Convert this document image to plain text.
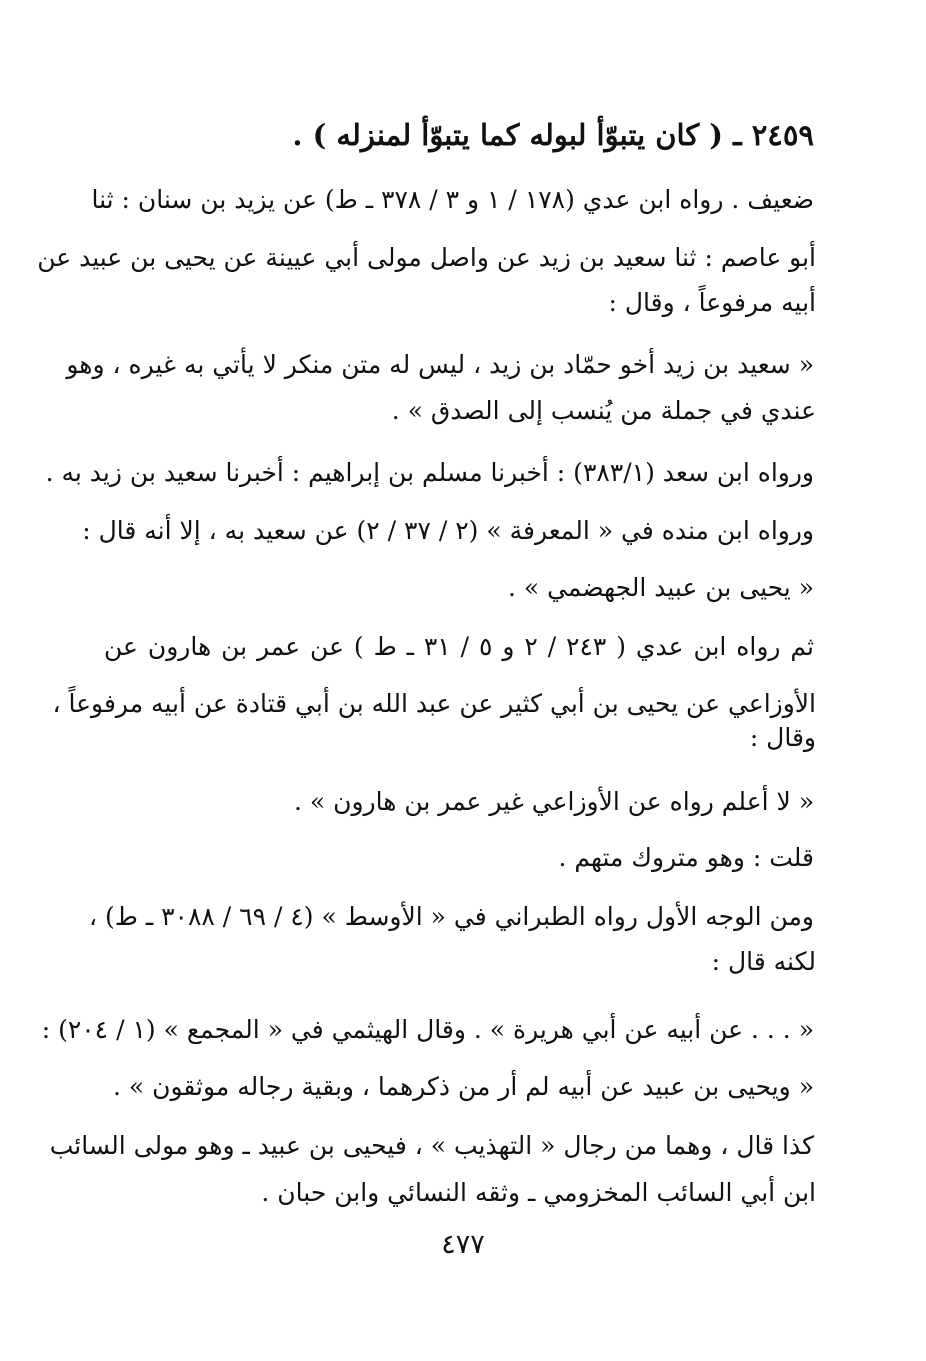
٢٤٥٩ ـ ( كان يتبوّأ لبوله كما يتبوّأ لمنزله ) .
ضعيف . رواه ابن عدي (١٧٨ / ١ و ٣ / ٣٧٨ ـ ط) عن يزيد بن سنان : ثنا
أبو عاصم : ثنا سعيد بن زيد عن واصل مولى أبي عيينة عن يحيى بن عبيد عن
أبيه مرفوعاً ، وقال :
« سعيد بن زيد أخو حمّاد بن زيد ، ليس له متن منكر لا يأتي به غيره ، وهو
عندي في جملة من يُنسب إلى الصدق » .
ورواه ابن سعد (٣٨٣/١) : أخبرنا مسلم بن إبراهيم : أخبرنا سعيد بن زيد به .
ورواه ابن منده في « المعرفة » (٢ / ٣٧ / ٢) عن سعيد به ، إلا أنه قال :
« يحيى بن عبيد الجهضمي » .
ثم رواه ابن عدي ( ٢٤٣ / ٢ و ٥ / ٣١ ـ ط ) عن عمر بن هارون عن
الأوزاعي عن يحيى بن أبي كثير عن عبد الله بن أبي قتادة عن أبيه مرفوعاً ،
وقال :
« لا أعلم رواه عن الأوزاعي غير عمر بن هارون » .
قلت : وهو متروك متهم .
ومن الوجه الأول رواه الطبراني في « الأوسط » (٤ / ٦٩ / ٣٠٨٨ ـ ط) ،
لكنه قال :
« . . . عن أبيه عن أبي هريرة » . وقال الهيثمي في « المجمع » (١ / ٢٠٤) :
« ويحيى بن عبيد عن أبيه لم أر من ذكرهما ، وبقية رجاله موثقون » .
كذا قال ، وهما من رجال « التهذيب » ، فيحيى بن عبيد ـ وهو مولى السائب
ابن أبي السائب المخزومي ـ وثقه النسائي وابن حبان .
٤٧٧
